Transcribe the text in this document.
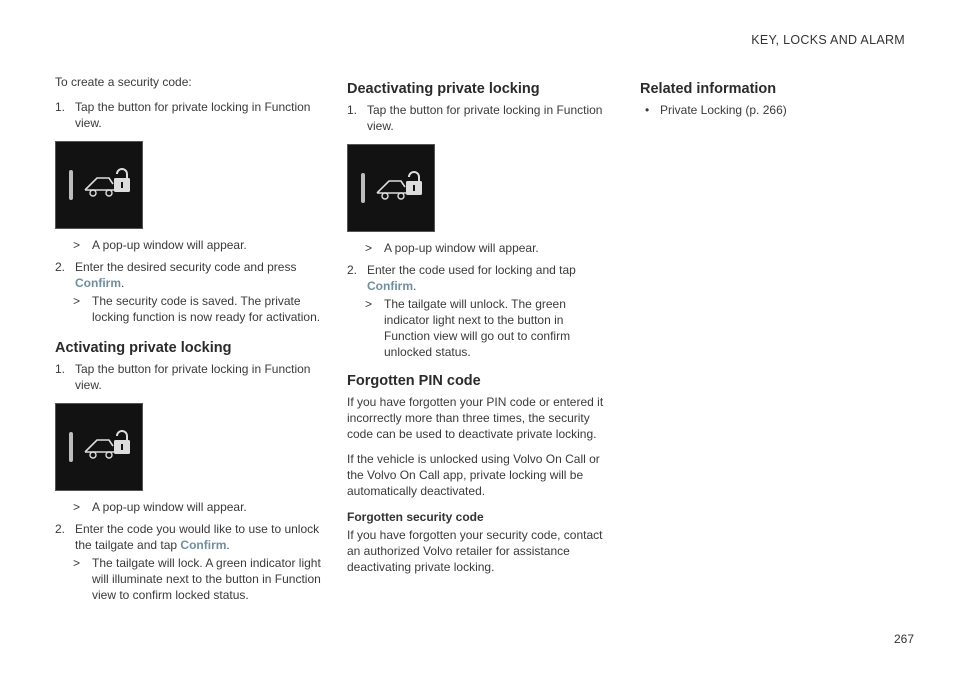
KEY, LOCKS AND ALARM

To create a security code:

1. Tap the button for private locking in Function view.
> A pop-up window will appear.
2. Enter the desired security code and press Confirm.
> The security code is saved. The private locking function is now ready for activation.
Activating private locking
1. Tap the button for private locking in Function view.
> A pop-up window will appear.
2. Enter the code you would like to use to unlock the tailgate and tap Confirm.
> The tailgate will lock. A green indicator light will illuminate next to the button in Function view to confirm locked status.
Deactivating private locking
1. Tap the button for private locking in Function view.
> A pop-up window will appear.
2. Enter the code used for locking and tap Confirm.
> The tailgate will unlock. The green indicator light next to the button in Function view will go out to confirm unlocked status.
Forgotten PIN code

If you have forgotten your PIN code or entered it incorrectly more than three times, the security code can be used to deactivate private locking.

If the vehicle is unlocked using Volvo On Call or the Volvo On Call app, private locking will be automatically deactivated.

Forgotten security code

If you have forgotten your security code, contact an authorized Volvo retailer for assistance deactivating private locking.

Related information
• Private Locking (p. 266)
267
